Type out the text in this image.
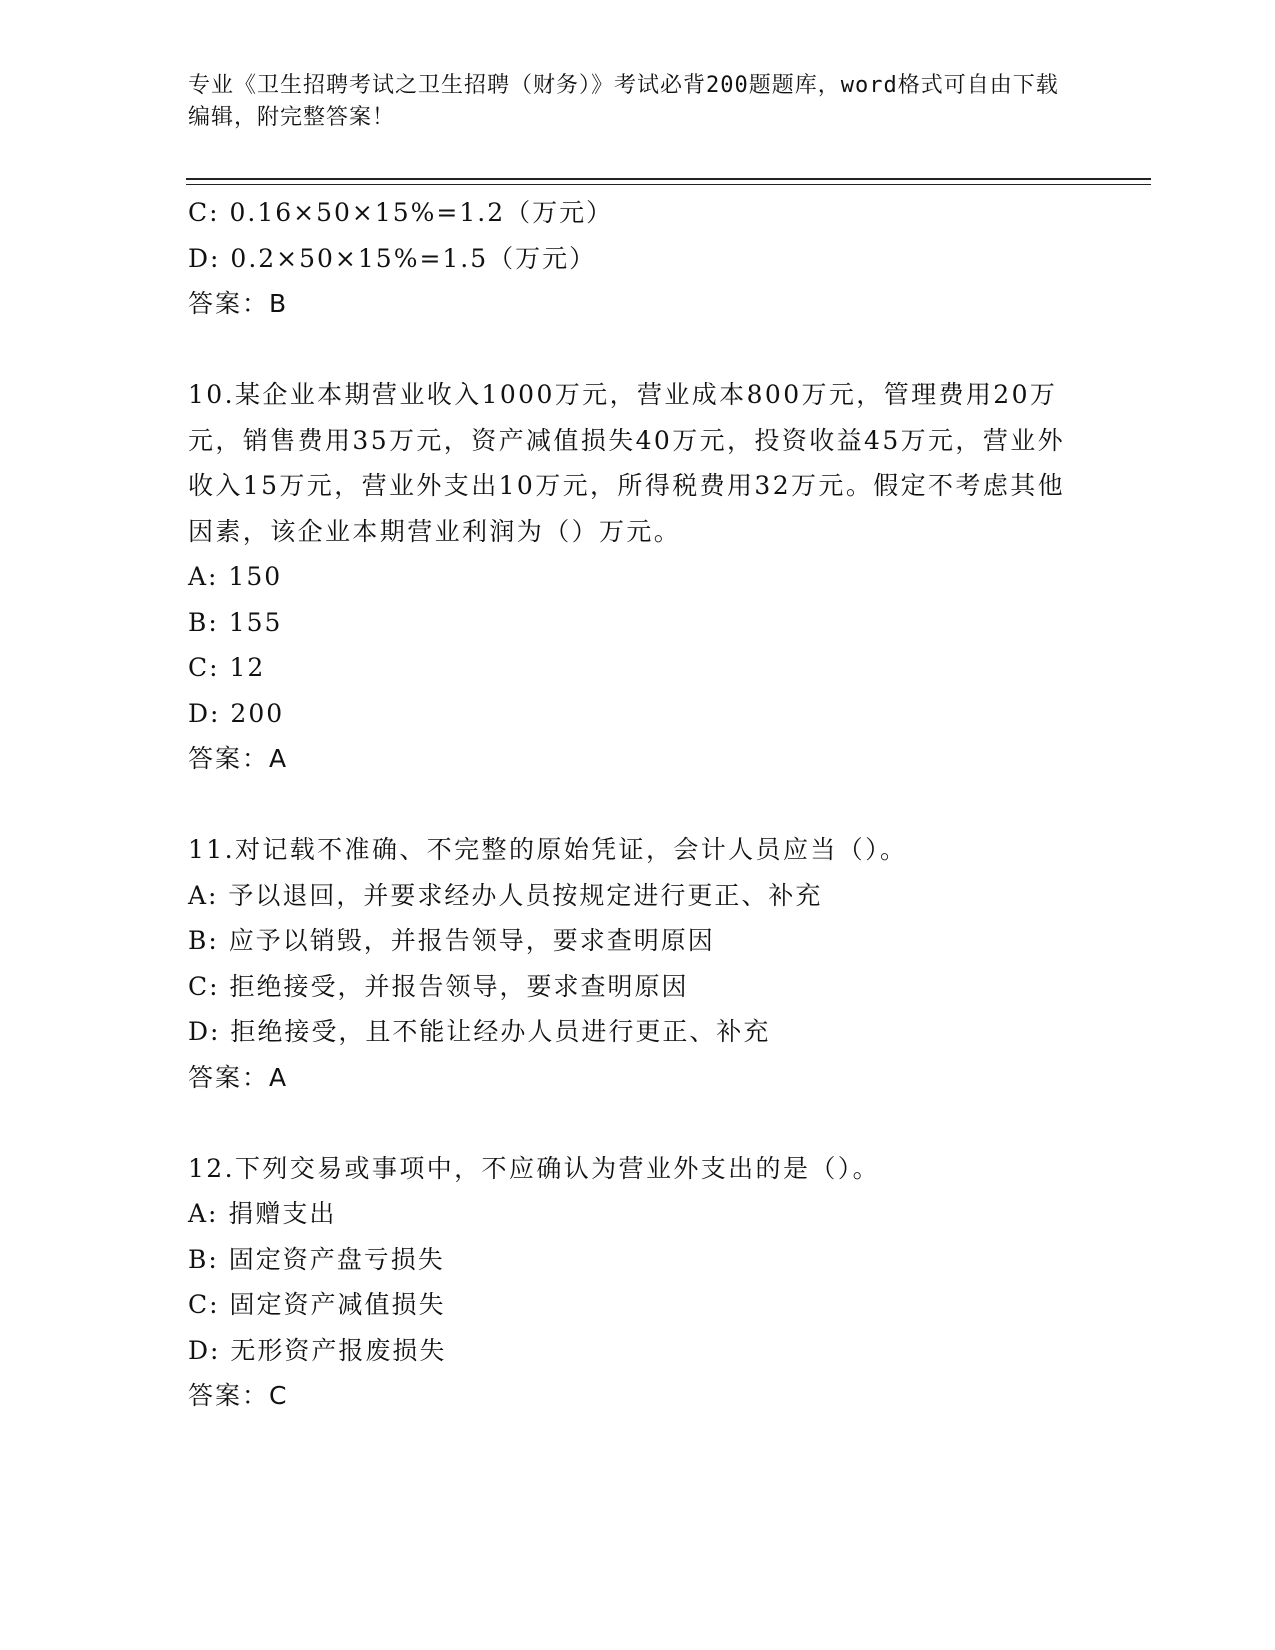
专业《卫生招聘考试之卫生招聘（财务）》考试必背200题题库，word格式可自由下载编辑，附完整答案！
C: 0.16×50×15%=1.2（万元）
D: 0.2×50×15%=1.5（万元）
答案：B
10.某企业本期营业收入1000万元，营业成本800万元，管理费用20万元，销售费用35万元，资产减值损失40万元，投资收益45万元，营业外收入15万元，营业外支出10万元，所得税费用32万元。假定不考虑其他因素，该企业本期营业利润为（）万元。
A: 150
B: 155
C: 12
D: 200
答案：A
11.对记载不准确、不完整的原始凭证，会计人员应当（）。
A: 予以退回，并要求经办人员按规定进行更正、补充
B: 应予以销毁，并报告领导，要求查明原因
C: 拒绝接受，并报告领导，要求查明原因
D: 拒绝接受，且不能让经办人员进行更正、补充
答案：A
12.下列交易或事项中，不应确认为营业外支出的是（）。
A: 捐赠支出
B: 固定资产盘亏损失
C: 固定资产减值损失
D: 无形资产报废损失
答案：C
